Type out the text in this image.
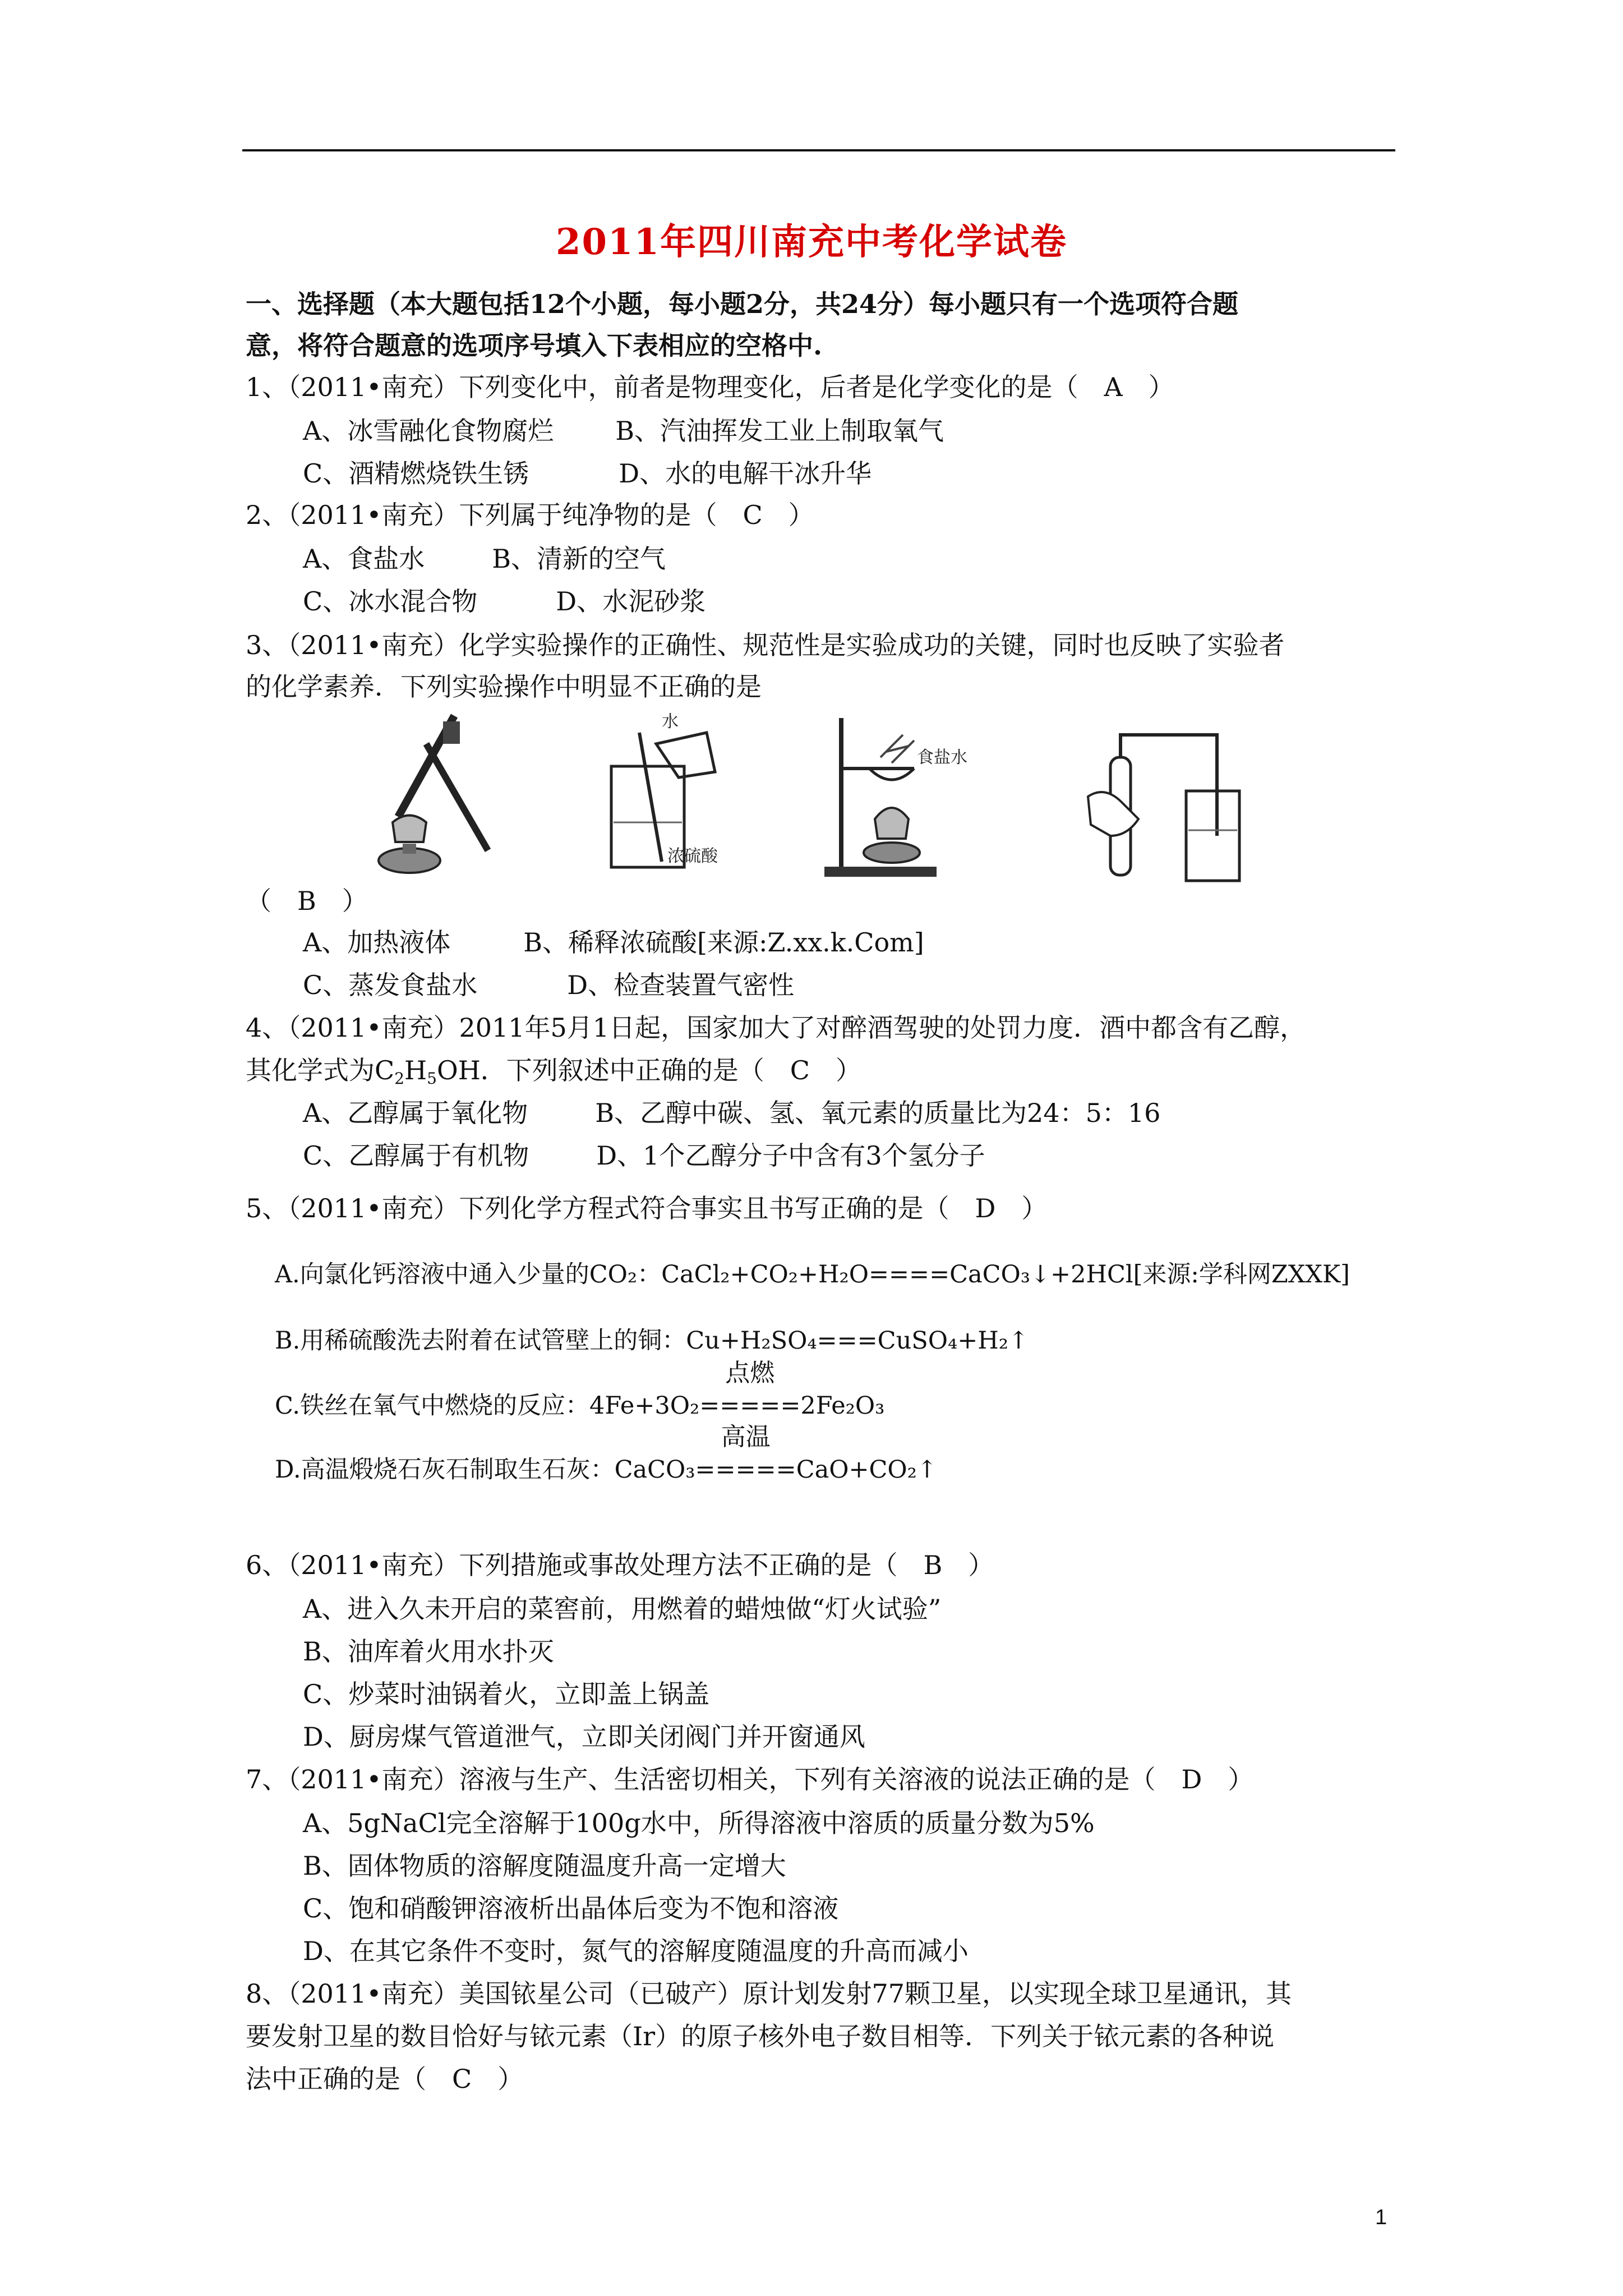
2011年四川南充中考化学试卷
一、选择题（本大题包括12个小题，每小题2分，共24分）每小题只有一个选项符合题
意，将符合题意的选项序号填入下表相应的空格中.
1、（2011•南充）下列变化中，前者是物理变化，后者是化学变化的是（　A　）
A、冰雪融化食物腐烂 B、汽油挥发工业上制取氧气
C、酒精燃烧铁生锈	D、水的电解干冰升华
2、（2011•南充）下列属于纯净物的是（　C　）
A、食盐水	B、清新的空气
C、冰水混合物	D、水泥砂浆
3、（2011•南充）化学实验操作的正确性、规范性是实验成功的关键，同时也反映了实验者
的化学素养．下列实验操作中明显不正确的是
水
浓硫酸
食盐水
（　B　）
A、加热液体	B、稀释浓硫酸[来源:Z.xx.k.Com]
C、蒸发食盐水	D、检查装置气密性
4、（2011•南充）2011年5月1日起，国家加大了对醉酒驾驶的处罚力度．酒中都含有乙醇，
其化学式为$C_2H_5OH$．下列叙述中正确的是（　C　）
A、乙醇属于氧化物	B、乙醇中碳、氢、氧元素的质量比为24：5：16
C、乙醇属于有机物	D、1个乙醇分子中含有3个氢分子
5、（2011•南充）下列化学方程式符合事实且书写正确的是（　D　）
A.向氯化钙溶液中通入少量的CO₂：CaCl₂+CO₂+H₂O====CaCO₃↓+2HCl[来源:学科网ZXXK]
B.用稀硫酸洗去附着在试管壁上的铜：Cu+H₂SO₄===CuSO₄+H₂↑
C.铁丝在氧气中燃烧的反应：4Fe+3O₂
点燃
=====2Fe₂O₃
D.高温煅烧石灰石制取生石灰：CaCO₃
高温
=====CaO+CO₂↑
6、（2011•南充）下列措施或事故处理方法不正确的是（　B　）
A、进入久未开启的菜窖前，用燃着的蜡烛做“灯火试验”
B、油库着火用水扑灭
C、炒菜时油锅着火，立即盖上锅盖
D、厨房煤气管道泄气，立即关闭阀门并开窗通风
7、（2011•南充）溶液与生产、生活密切相关，下列有关溶液的说法正确的是（　D　）
A、5gNaCl完全溶解于100g水中，所得溶液中溶质的质量分数为5%
B、固体物质的溶解度随温度升高一定增大
C、饱和硝酸钾溶液析出晶体后变为不饱和溶液
D、在其它条件不变时，氮气的溶解度随温度的升高而减小
8、（2011•南充）美国铱星公司（已破产）原计划发射77颗卫星，以实现全球卫星通讯，其
要发射卫星的数目恰好与铱元素（Ir）的原子核外电子数目相等．下列关于铱元素的各种说
法中正确的是（　C　）
1
